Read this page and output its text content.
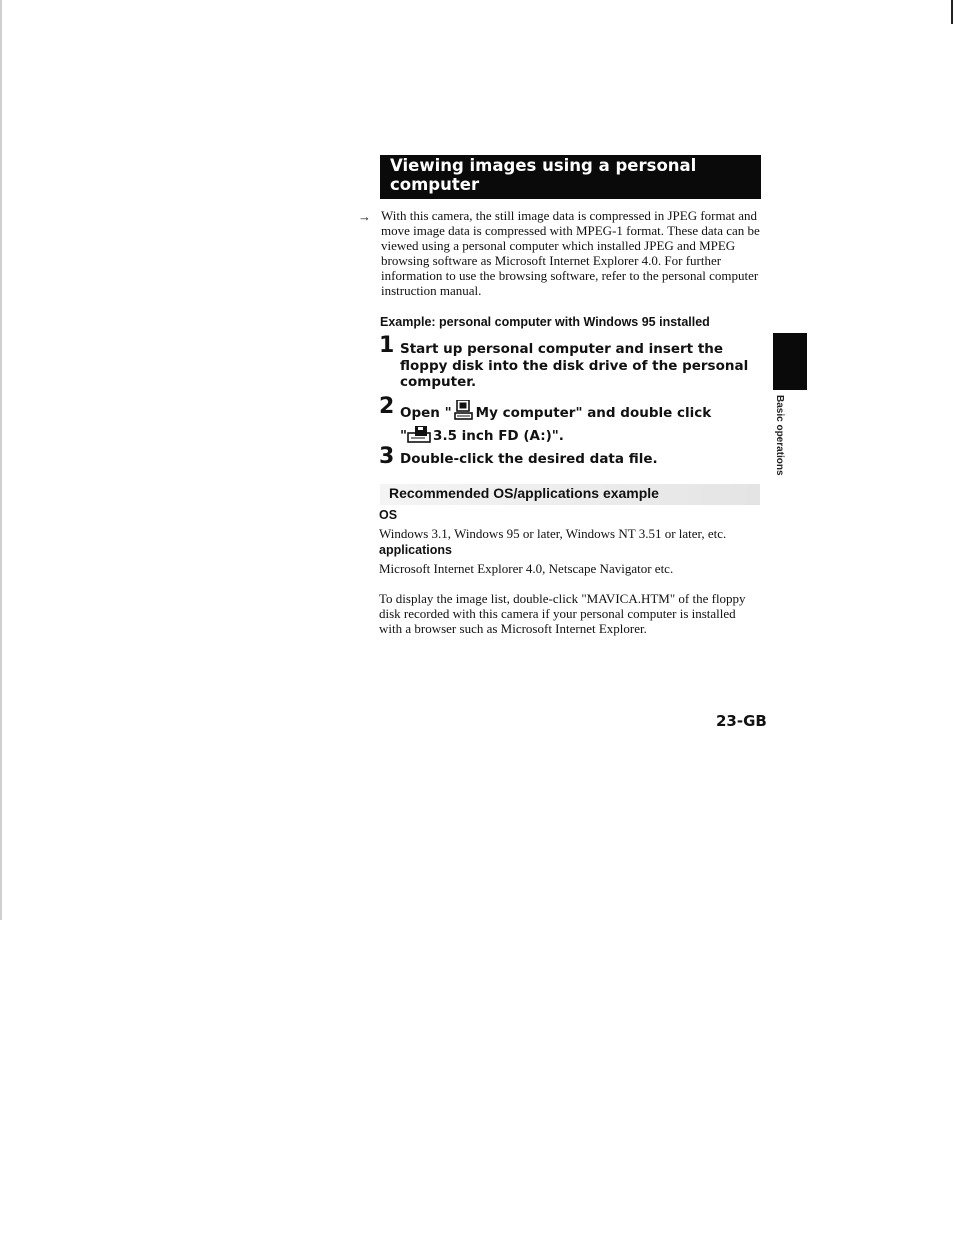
Viewing images using a personal computer
→ With this camera, the still image data is compressed in JPEG format and move image data is compressed with MPEG-1 format. These data can be viewed using a personal computer which installed JPEG and MPEG browsing software as Microsoft Internet Explorer 4.0. For further information to use the browsing software, refer to the personal computer instruction manual.
Example: personal computer with Windows 95 installed
1 Start up personal computer and insert the floppy disk into the disk drive of the personal computer.
2 Open " My computer" and double click
" 3.5 inch FD (A:)".
3 Double-click the desired data file.	Basic operations
Recommended OS/applications example
OS
Windows 3.1, Windows 95 or later, Windows NT 3.51 or later, etc.
applications
Microsoft Internet Explorer 4.0, Netscape Navigator etc.
To display the image list, double-click "MAVICA.HTM" of the floppy disk recorded with this camera if your personal computer is installed with a browser such as Microsoft Internet Explorer.
23-GB
